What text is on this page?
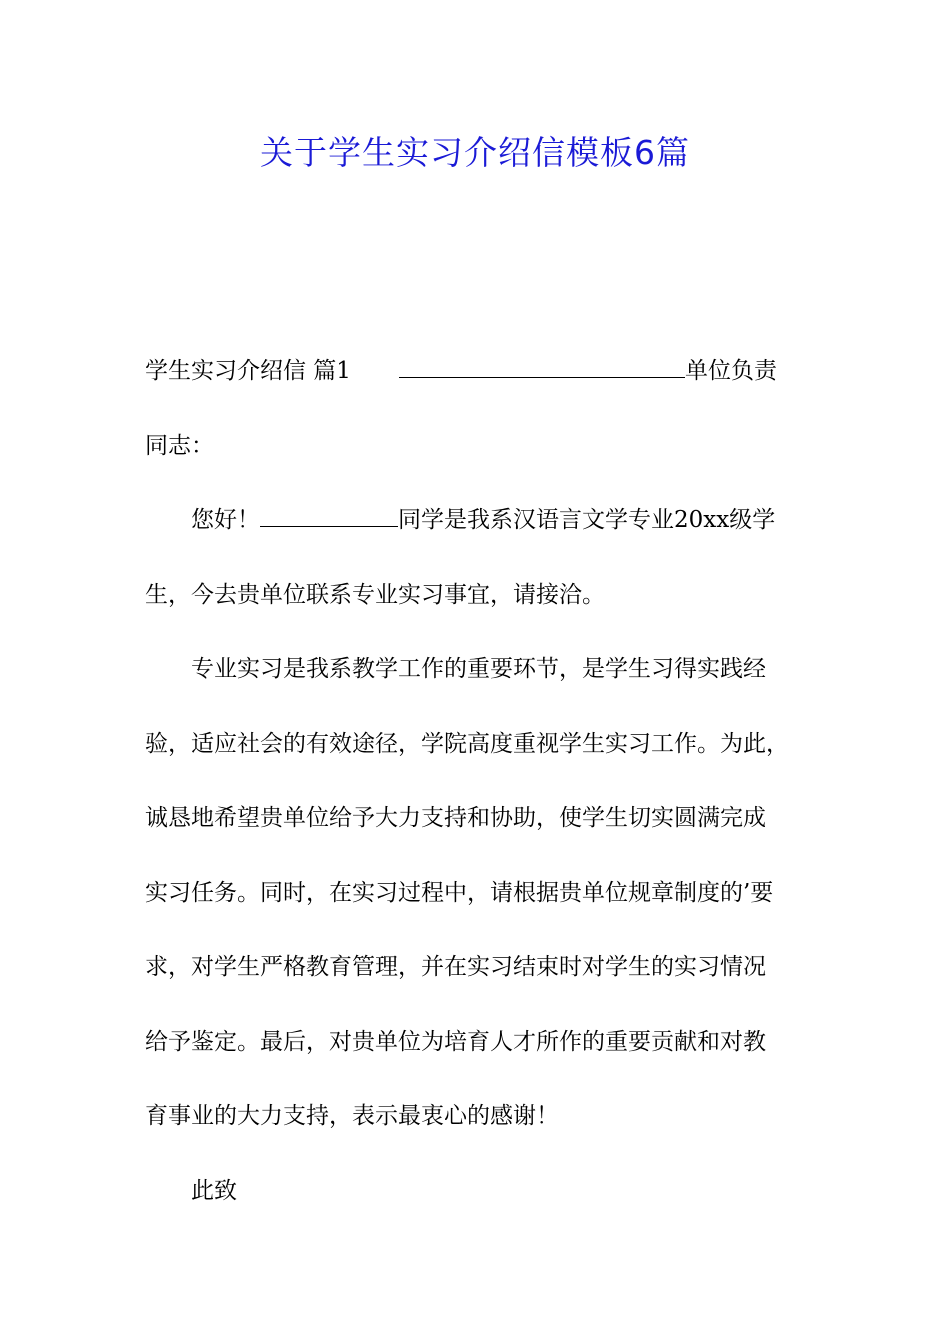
关于学生实习介绍信模板6篇
学生实习介绍信 篇1	单位负责
同志：
您好！	同学是我系汉语言文学专业20xx级学
生，今去贵单位联系专业实习事宜，请接洽。
专业实习是我系教学工作的重要环节，是学生习得实践经
验，适应社会的有效途径，学院高度重视学生实习工作。为此，
诚恳地希望贵单位给予大力支持和协助，使学生切实圆满完成
实习任务。同时，在实习过程中，请根据贵单位规章制度的’要
求，对学生严格教育管理，并在实习结束时对学生的实习情况
给予鉴定。最后，对贵单位为培育人才所作的重要贡献和对教
育事业的大力支持，表示最衷心的感谢！
此致
